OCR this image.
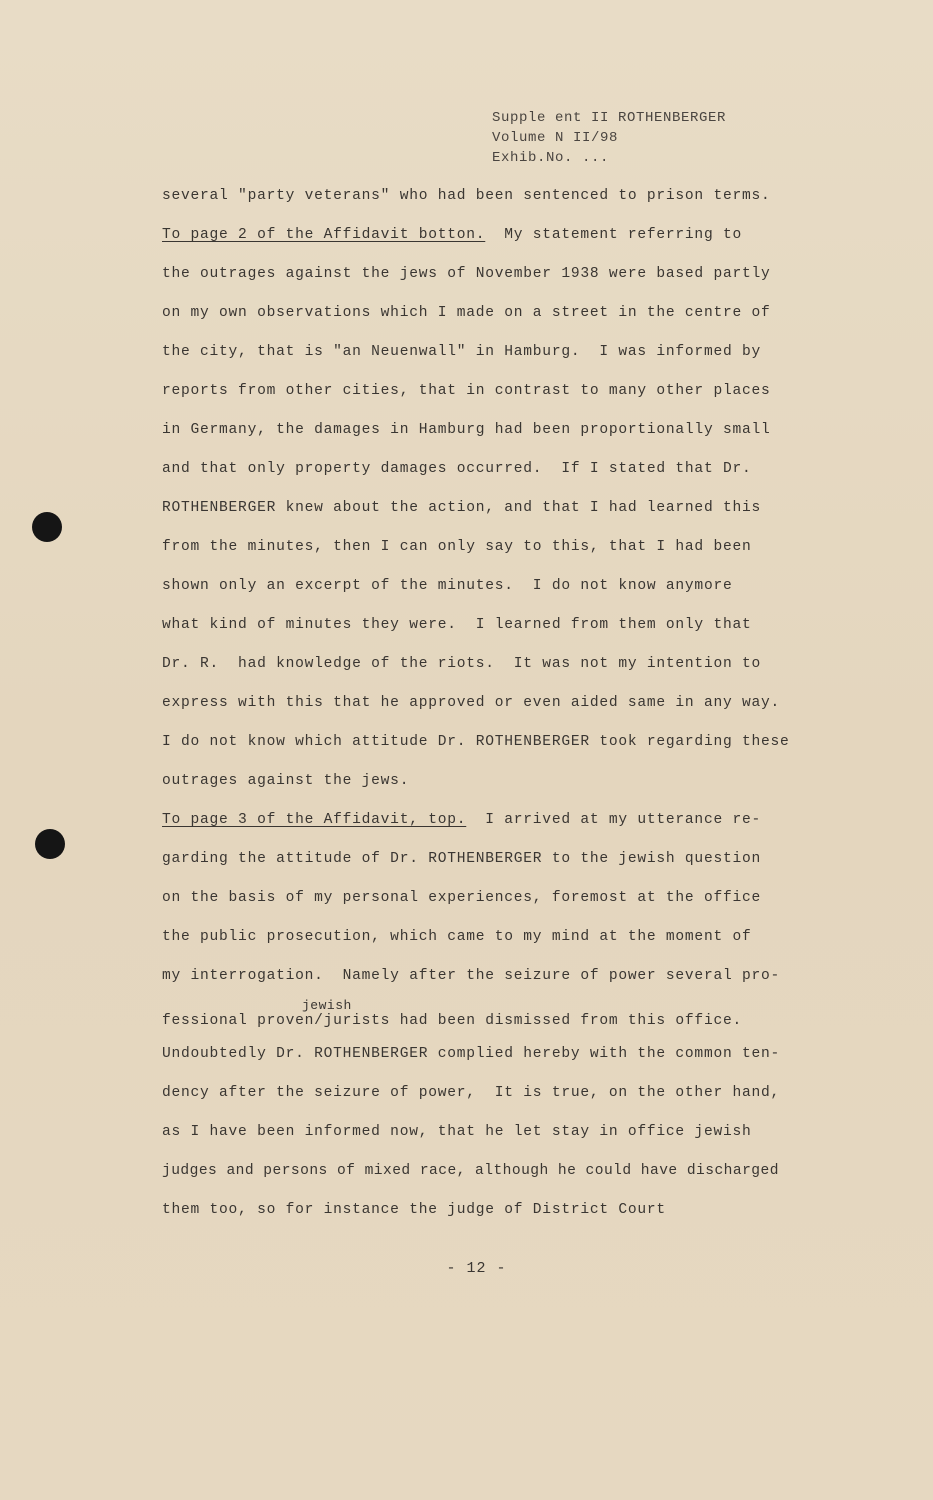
Supple ent II ROTHENBERGER
Volume N II/98
Exhib.No. ...
several "party veterans" who had been sentenced to prison terms.
To page 2 of the Affidavit botton.  My statement referring to
the outrages against the jews of November 1938 were based partly
on my own observations which I made on a street in the centre of
the city, that is "an Neuenwall" in Hamburg.  I was informed by
reports from other cities, that in contrast to many other places
in Germany, the damages in Hamburg had been proportionally small
and that only property damages occurred.  If I stated that Dr.
ROTHENBERGER knew about the action, and that I had learned this
from the minutes, then I can only say to this, that I had been
shown only an excerpt of the minutes.  I do not know anymore
what kind of minutes they were.  I learned from them only that
Dr. R.  had knowledge of the riots.  It was not my intention to
express with this that he approved or even aided same in any way.
I do not know which attitude Dr. ROTHENBERGER took regarding these
outrages against the jews.
To page 3 of the Affidavit, top.  I arrived at my utterance re-
garding the attitude of Dr. ROTHENBERGER to the jewish question
on the basis of my personal experiences, foremost at the office
the public prosecution, which came to my mind at the moment of
my interrogation.  Namely after the seizure of power several pro-
jewish
fessional proven/jurists had been dismissed from this office.
Undoubtedly Dr. ROTHENBERGER complied hereby with the common ten-
dency after the seizure of power,  It is true, on the other hand,
as I have been informed now, that he let stay in office jewish
judges and persons of mixed race, although he could have discharged
them too, so for instance the judge of District Court
- 12 -
